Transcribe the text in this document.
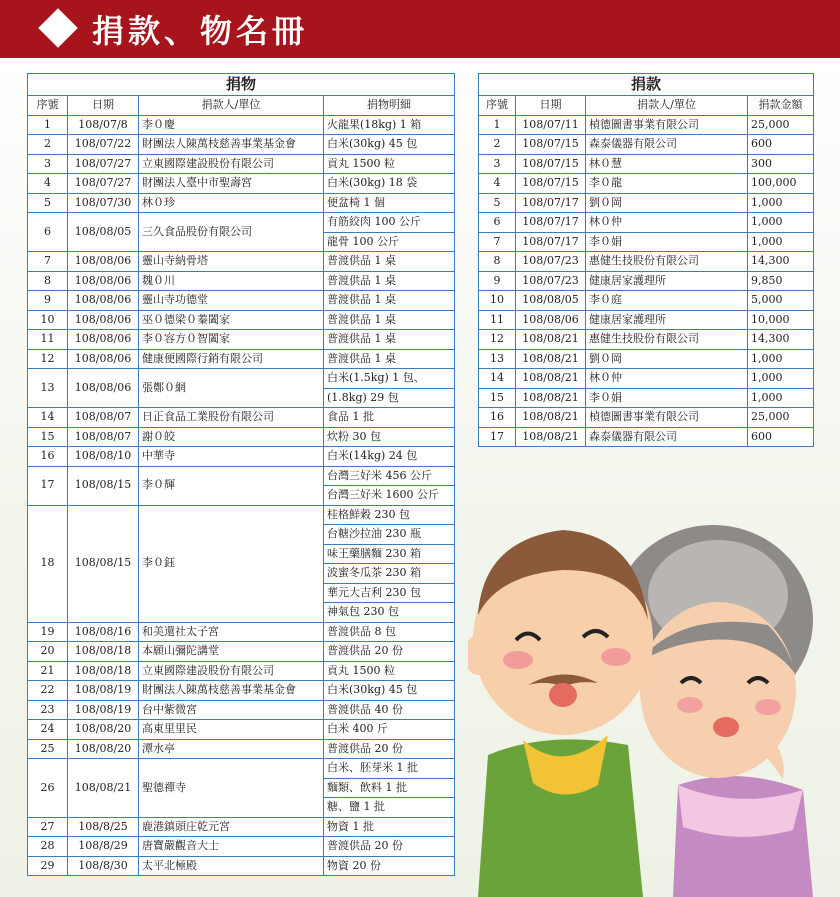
捐款、物名冊
捐物			
序號	日期	捐款人/單位	捐物明細
1	108/07/8	李０慶	火龍果(18kg) 1 箱
2	108/07/22	財團法人陳萬枝慈善事業基金會	白米(30kg) 45 包
3	108/07/27	立東國際建設股份有限公司	貢丸 1500 粒
4	108/07/27	財團法人臺中市聖壽宮	白米(30kg) 18 袋
5	108/07/30	林０珍	便盆椅 1 個
6	108/08/05	三久食品股份有限公司	有筋絞肉 100 公斤
			龍骨 100 公斤
7	108/08/06	靈山寺納骨塔	普渡供品 1 桌
8	108/08/06	魏０川	普渡供品 1 桌
9	108/08/06	靈山寺功德堂	普渡供品 1 桌
10	108/08/06	巫０德梁０蓁闔家	普渡供品 1 桌
11	108/08/06	李０容方０智闔家	普渡供品 1 桌
12	108/08/06	健康便國際行銷有限公司	普渡供品 1 桌
13	108/08/06	張鄭０網	白米(1.5kg) 1 包、
			(1.8kg) 29 包
14	108/08/07	日正食品工業股份有限公司	食品 1 批
15	108/08/07	謝０皎	炊粉 30 包
16	108/08/10	中華寺	白米(14kg) 24 包
17	108/08/15	李０輝	台灣三好米 456 公斤
			台灣三好米 1600 公斤
18	108/08/15	李０鈺	桂格鮮穀 230 包
			台糖沙拉油 230 瓶
			味王藥膳麵 230 箱
			波蜜冬瓜茶 230 箱
			華元大吉利 230 包
			神氣包 230 包
19	108/08/16	和美還社太子宮	普渡供品 8 包
20	108/08/18	本願山彌陀講堂	普渡供品 20 份
21	108/08/18	立東國際建設股份有限公司	貢丸 1500 粒
22	108/08/19	財團法人陳萬枝慈善事業基金會	白米(30kg) 45 包
23	108/08/19	台中紫微宮	普渡供品 40 份
24	108/08/20	高東里里民	白米 400 斤
25	108/08/20	潭水亭	普渡供品 20 份
26	108/08/21	聖德禪寺	白米、胚芽米 1 批
			麵類、飲料 1 批
			糖、鹽 1 批
27	108/8/25	鹿港鎮頭庄乾元宮	物資 1 批
28	108/8/29	唐寶嚴觀音大士	普渡供品 20 份
29	108/8/30	太平北極殿	物資 20 份
捐款			
序號	日期	捐款人/單位	捐款金額
1	108/07/11	楨德圖書事業有限公司	25,000
2	108/07/15	森泰儀器有限公司	600
3	108/07/15	林０慧	300
4	108/07/15	李０龍	100,000
5	108/07/17	劉０岡	1,000
6	108/07/17	林０仲	1,000
7	108/07/17	李０娟	1,000
8	108/07/23	惠健生技股份有限公司	14,300
9	108/07/23	健康居家護理所	9,850
10	108/08/05	李０庭	5,000
11	108/08/06	健康居家護理所	10,000
12	108/08/21	惠健生技股份有限公司	14,300
13	108/08/21	劉０岡	1,000
14	108/08/21	林０仲	1,000
15	108/08/21	李０娟	1,000
16	108/08/21	楨德圖書事業有限公司	25,000
17	108/08/21	森泰儀器有限公司	600
